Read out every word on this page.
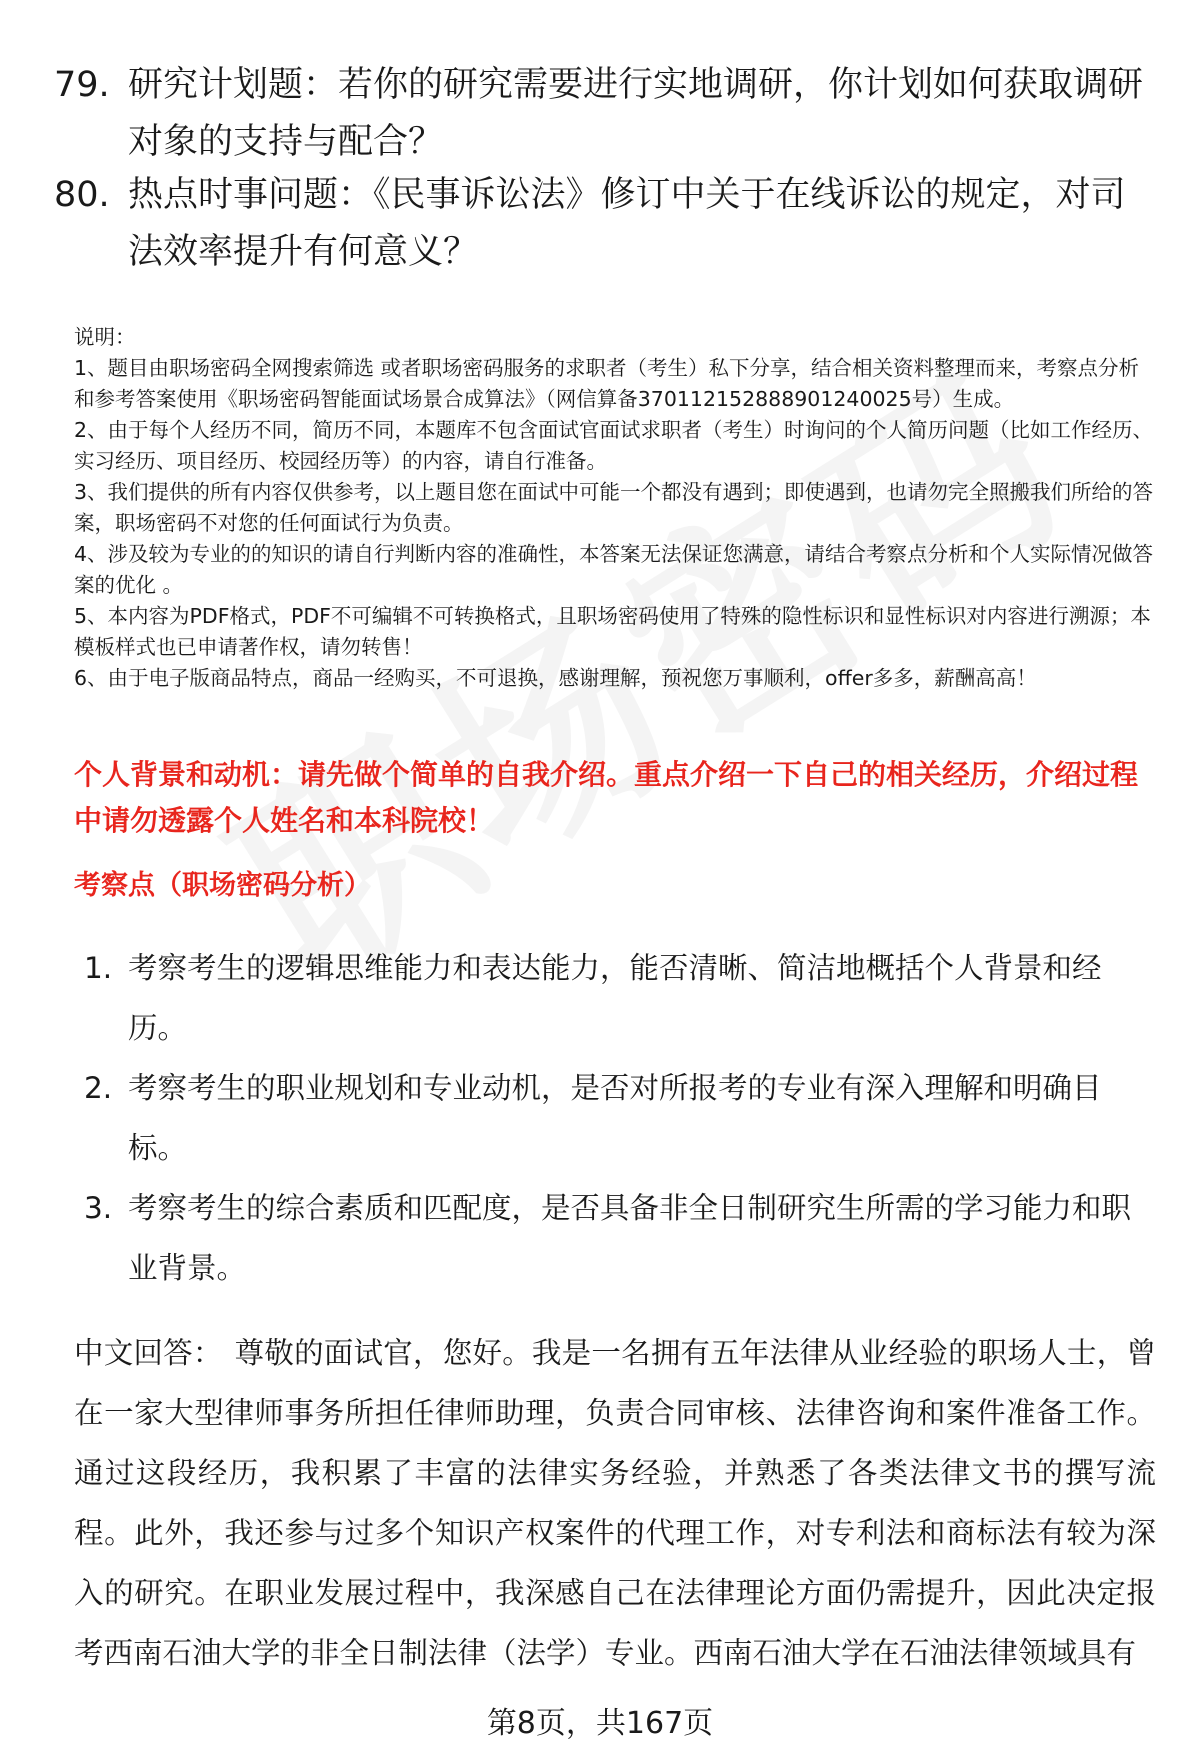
79. 研究计划题：若你的研究需要进行实地调研，你计划如何获取调研对象的支持与配合？
80. 热点时事问题：《民事诉讼法》修订中关于在线诉讼的规定，对司法效率提升有何意义？

说明：

1、题目由职场密码全网搜索筛选 或者职场密码服务的求职者（考生）私下分享，结合相关资料整理而来，考察点分析和参考答案使用《职场密码智能面试场景合成算法》（网信算备370112152888901240025号）生成。

2、由于每个人经历不同，简历不同，本题库不包含面试官面试求职者（考生）时询问的个人简历问题（比如工作经历、实习经历、项目经历、校园经历等）的内容，请自行准备。

3、我们提供的所有内容仅供参考，以上题目您在面试中可能一个都没有遇到；即使遇到，也请勿完全照搬我们所给的答案，职场密码不对您的任何面试行为负责。

4、涉及较为专业的的知识的请自行判断内容的准确性，本答案无法保证您满意，请结合考察点分析和个人实际情况做答案的优化 。

5、本内容为PDF格式，PDF不可编辑不可转换格式，且职场密码使用了特殊的隐性标识和显性标识对内容进行溯源；本模板样式也已申请著作权，请勿转售！

6、由于电子版商品特点，商品一经购买，不可退换，感谢理解，预祝您万事顺利，offer多多，薪酬高高！

个人背景和动机：请先做个简单的自我介绍。重点介绍一下自己的相关经历，介绍过程中请勿透露个人姓名和本科院校！
考察点（职场密码分析）
1. 考察考生的逻辑思维能力和表达能力，能否清晰、简洁地概括个人背景和经历。
2. 考察考生的职业规划和专业动机，是否对所报考的专业有深入理解和明确目标。
3. 考察考生的综合素质和匹配度，是否具备非全日制研究生所需的学习能力和职业背景。
中文回答： 尊敬的面试官，您好。我是一名拥有五年法律从业经验的职场人士，曾在一家大型律师事务所担任律师助理，负责合同审核、法律咨询和案件准备工作。通过这段经历，我积累了丰富的法律实务经验，并熟悉了各类法律文书的撰写流程。此外，我还参与过多个知识产权案件的代理工作，对专利法和商标法有较为深入的研究。在职业发展过程中，我深感自己在法律理论方面仍需提升，因此决定报考西南石油大学的非全日制法律（法学）专业。西南石油大学在石油法律领域具有
第8页，共167页
